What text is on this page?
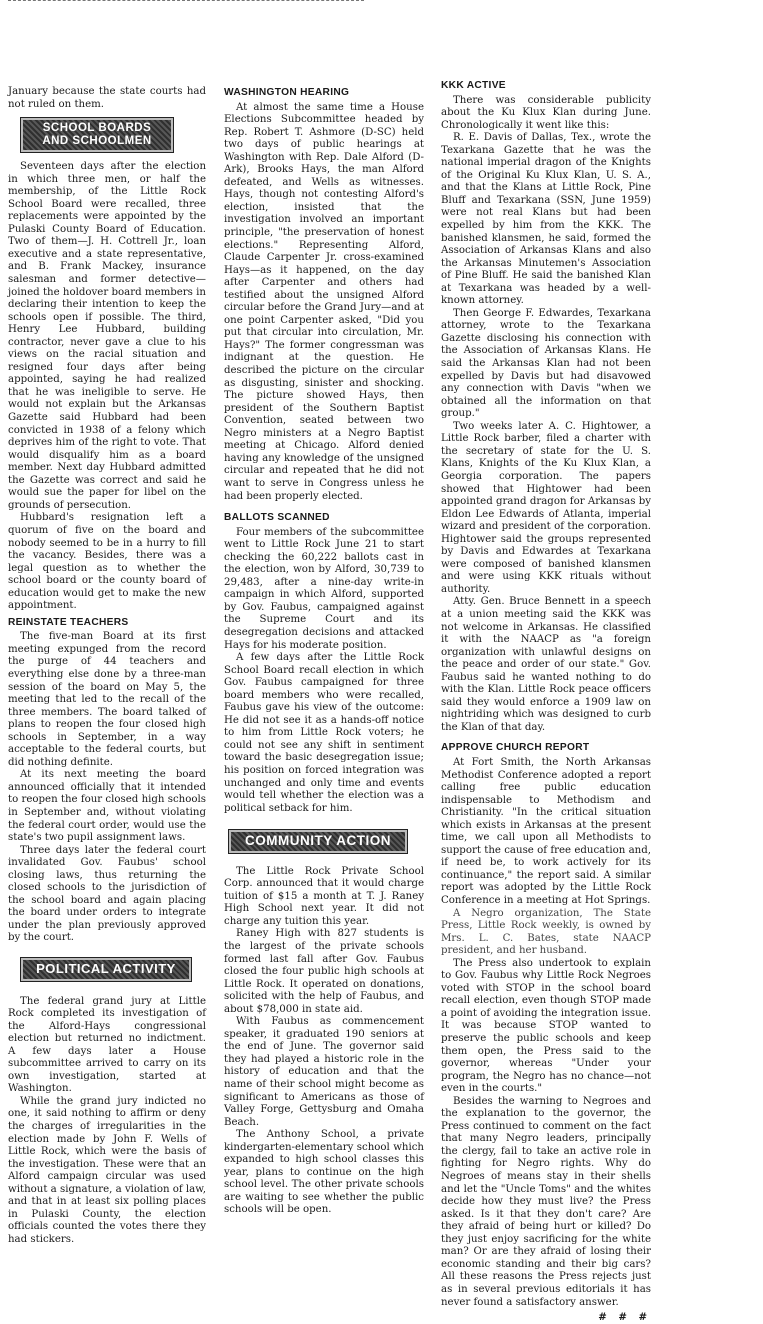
January because the state courts had not ruled on them.

SCHOOL BOARDS
AND SCHOOLMEN

Seventeen days after the election in which three men, or half the membership, of the Little Rock School Board were recalled, three replacements were appointed by the Pulaski County Board of Education. Two of them—J. H. Cottrell Jr., loan executive and a state representative, and B. Frank Mackey, insurance salesman and former detective—joined the holdover board members in declaring their intention to keep the schools open if possible. The third, Henry Lee Hubbard, building contractor, never gave a clue to his views on the racial situation and resigned four days after being appointed, saying he had realized that he was ineligible to serve. He would not explain but the Arkansas Gazette said Hubbard had been convicted in 1938 of a felony which deprives him of the right to vote. That would disqualify him as a board member. Next day Hubbard admitted the Gazette was correct and said he would sue the paper for libel on the grounds of persecution.

Hubbard's resignation left a quorum of five on the board and nobody seemed to be in a hurry to fill the vacancy. Besides, there was a legal question as to whether the school board or the county board of education would get to make the new appointment.

REINSTATE TEACHERS

The five-man Board at its first meeting expunged from the record the purge of 44 teachers and everything else done by a three-man session of the board on May 5, the meeting that led to the recall of the three members. The board talked of plans to reopen the four closed high schools in September, in a way acceptable to the federal courts, but did nothing definite.

At its next meeting the board announced officially that it intended to reopen the four closed high schools in September and, without violating the federal court order, would use the state's two pupil assignment laws.

Three days later the federal court invalidated Gov. Faubus' school closing laws, thus returning the closed schools to the jurisdiction of the school board and again placing the board under orders to integrate under the plan previously approved by the court.

POLITICAL ACTIVITY

The federal grand jury at Little Rock completed its investigation of the Alford-Hays congressional election but returned no indictment. A few days later a House subcommittee arrived to carry on its own investigation, started at Washington.

While the grand jury indicted no one, it said nothing to affirm or deny the charges of irregularities in the election made by John F. Wells of Little Rock, which were the basis of the investigation. These were that an Alford campaign circular was used without a signature, a violation of law, and that in at least six polling places in Pulaski County, the election officials counted the votes there they had stickers.

WASHINGTON HEARING

At almost the same time a House Elections Subcommittee headed by Rep. Robert T. Ashmore (D-SC) held two days of public hearings at Washington with Rep. Dale Alford (D-Ark), Brooks Hays, the man Alford defeated, and Wells as witnesses. Hays, though not contesting Alford's election, insisted that the investigation involved an important principle, "the preservation of honest elections." Representing Alford, Claude Carpenter Jr. cross-examined Hays—as it happened, on the day after Carpenter and others had testified about the unsigned Alford circular before the Grand Jury—and at one point Carpenter asked, "Did you put that circular into circulation, Mr. Hays?" The former congressman was indignant at the question. He described the picture on the circular as disgusting, sinister and shocking. The picture showed Hays, then president of the Southern Baptist Convention, seated between two Negro ministers at a Negro Baptist meeting at Chicago. Alford denied having any knowledge of the unsigned circular and repeated that he did not want to serve in Congress unless he had been properly elected.

BALLOTS SCANNED

Four members of the subcommittee went to Little Rock June 21 to start checking the 60,222 ballots cast in the election, won by Alford, 30,739 to 29,483, after a nine-day write-in campaign in which Alford, supported by Gov. Faubus, campaigned against the Supreme Court and its desegregation decisions and attacked Hays for his moderate position.

A few days after the Little Rock School Board recall election in which Gov. Faubus campaigned for three board members who were recalled, Faubus gave his view of the outcome: He did not see it as a hands-off notice to him from Little Rock voters; he could not see any shift in sentiment toward the basic desegregation issue; his position on forced integration was unchanged and only time and events would tell whether the election was a political setback for him.

COMMUNITY ACTION

The Little Rock Private School Corp. announced that it would charge tuition of $15 a month at T. J. Raney High School next year. It did not charge any tuition this year.

Raney High with 827 students is the largest of the private schools formed last fall after Gov. Faubus closed the four public high schools at Little Rock. It operated on donations, solicited with the help of Faubus, and about $78,000 in state aid.

With Faubus as commencement speaker, it graduated 190 seniors at the end of June. The governor said they had played a historic role in the history of education and that the name of their school might become as significant to Americans as those of Valley Forge, Gettysburg and Omaha Beach.

The Anthony School, a private kindergarten-elementary school which expanded to high school classes this year, plans to continue on the high school level. The other private schools are waiting to see whether the public schools will be open.

KKK ACTIVE

There was considerable publicity about the Ku Klux Klan during June. Chronologically it went like this:

R. E. Davis of Dallas, Tex., wrote the Texarkana Gazette that he was the national imperial dragon of the Knights of the Original Ku Klux Klan, U. S. A., and that the Klans at Little Rock, Pine Bluff and Texarkana (SSN, June 1959) were not real Klans but had been expelled by him from the KKK. The banished klansmen, he said, formed the Association of Arkansas Klans and also the Arkansas Minutemen's Association of Pine Bluff. He said the banished Klan at Texarkana was headed by a well-known attorney.

Then George F. Edwardes, Texarkana attorney, wrote to the Texarkana Gazette disclosing his connection with the Association of Arkansas Klans. He said the Arkansas Klan had not been expelled by Davis but had disavowed any connection with Davis "when we obtained all the information on that group."

Two weeks later A. C. Hightower, a Little Rock barber, filed a charter with the secretary of state for the U. S. Klans, Knights of the Ku Klux Klan, a Georgia corporation. The papers showed that Hightower had been appointed grand dragon for Arkansas by Eldon Lee Edwards of Atlanta, imperial wizard and president of the corporation. Hightower said the groups represented by Davis and Edwardes at Texarkana were composed of banished klansmen and were using KKK rituals without authority.

Atty. Gen. Bruce Bennett in a speech at a union meeting said the KKK was not welcome in Arkansas. He classified it with the NAACP as "a foreign organization with unlawful designs on the peace and order of our state." Gov. Faubus said he wanted nothing to do with the Klan. Little Rock peace officers said they would enforce a 1909 law on nightriding which was designed to curb the Klan of that day.

APPROVE CHURCH REPORT

At Fort Smith, the North Arkansas Methodist Conference adopted a report calling free public education indispensable to Methodism and Christianity. "In the critical situation which exists in Arkansas at the present time, we call upon all Methodists to support the cause of free education and, if need be, to work actively for its continuance," the report said. A similar report was adopted by the Little Rock Conference in a meeting at Hot Springs.

A Negro organization, The State Press, Little Rock weekly, is owned by Mrs. L. C. Bates, state NAACP president, and her husband.

The Press also undertook to explain to Gov. Faubus why Little Rock Negroes voted with STOP in the school board recall election, even though STOP made a point of avoiding the integration issue. It was because STOP wanted to preserve the public schools and keep them open, the Press said to the governor, whereas "Under your program, the Negro has no chance—not even in the courts."

Besides the warning to Negroes and the explanation to the governor, the Press continued to comment on the fact that many Negro leaders, principally the clergy, fail to take an active role in fighting for Negro rights. Why do Negroes of means stay in their shells and let the "Uncle Toms" and the whites decide how they must live? the Press asked. Is it that they don't care? Are they afraid of being hurt or killed? Do they just enjoy sacrificing for the white man? Or are they afraid of losing their economic standing and their big cars? All these reasons the Press rejects just as in several previous editorials it has never found a satisfactory answer.

# # #
